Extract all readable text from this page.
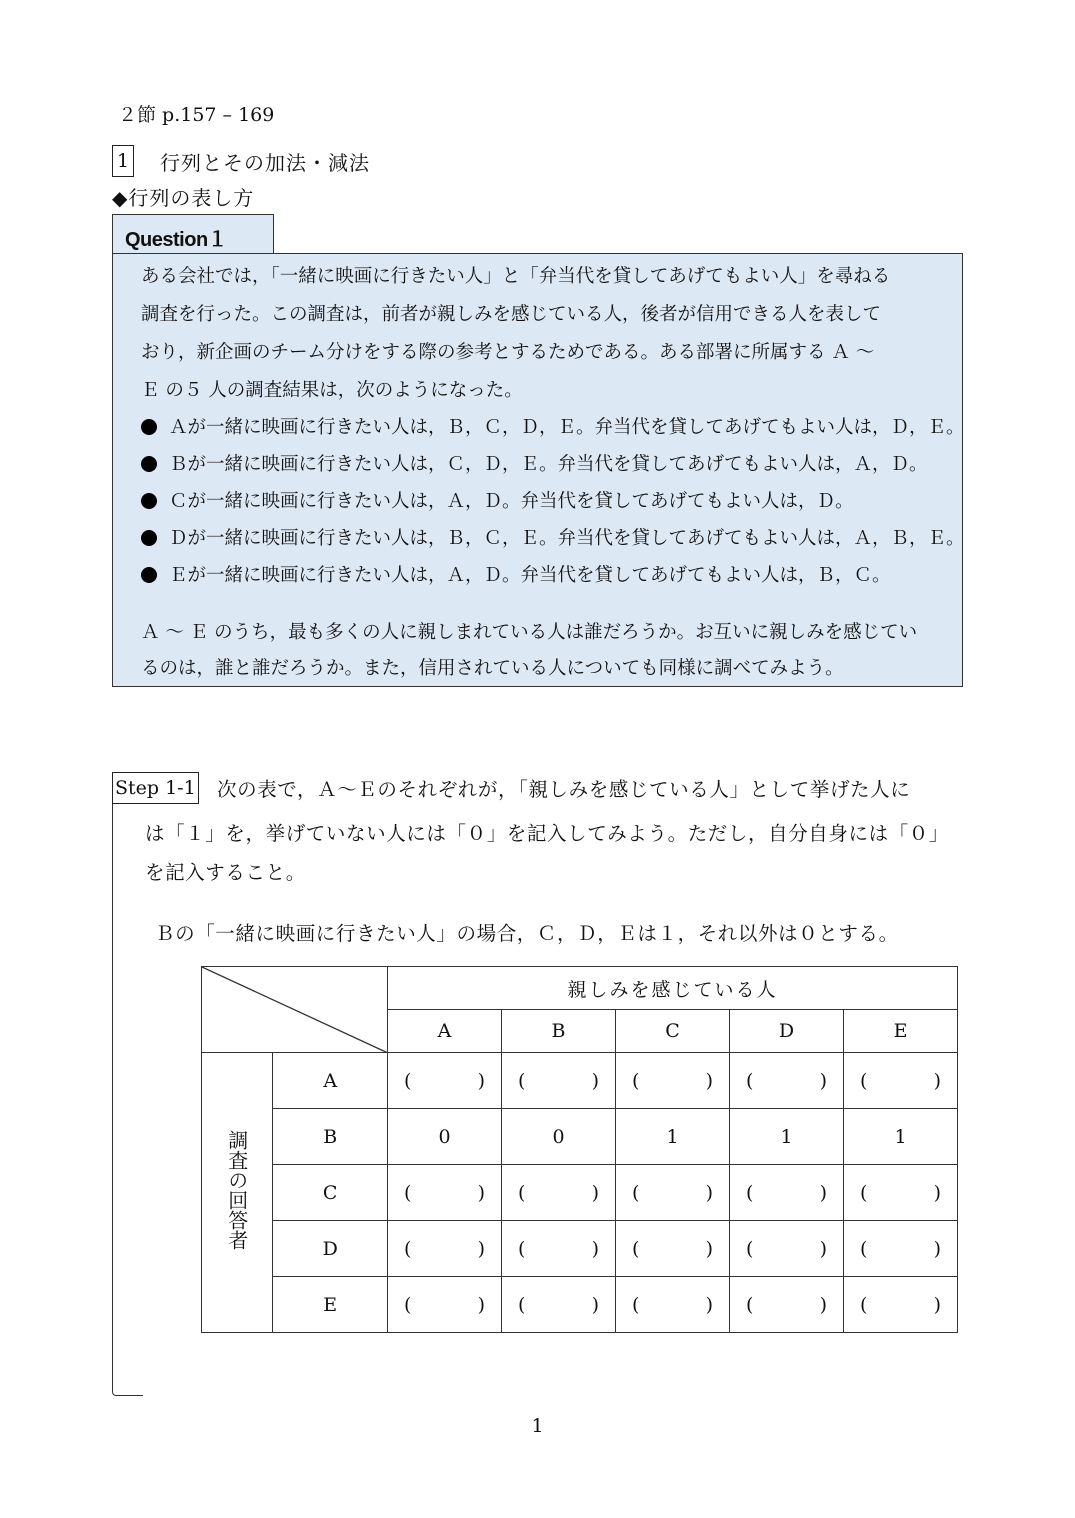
２節 p.157 – 169
1 行列とその加法・減法
◆行列の表し方
Question１
ある会社では，「一緒に映画に行きたい人」と「弁当代を貸してあげてもよい人」を尋ねる
調査を行った。この調査は，前者が親しみを感じている人，後者が信用できる人を表して
おり，新企画のチーム分けをする際の参考とするためである。ある部署に所属する Ａ ～
Ｅ の５ 人の調査結果は，次のようになった。
Ａが一緒に映画に行きたい人は，Ｂ，Ｃ，Ｄ，Ｅ。弁当代を貸してあげてもよい人は，Ｄ，Ｅ。
Ｂが一緒に映画に行きたい人は，Ｃ，Ｄ，Ｅ。弁当代を貸してあげてもよい人は，Ａ，Ｄ。
Ｃが一緒に映画に行きたい人は，Ａ，Ｄ。弁当代を貸してあげてもよい人は，Ｄ。
Ｄが一緒に映画に行きたい人は，Ｂ，Ｃ，Ｅ。弁当代を貸してあげてもよい人は，Ａ，Ｂ，Ｅ。
Ｅが一緒に映画に行きたい人は，Ａ，Ｄ。弁当代を貸してあげてもよい人は，Ｂ，Ｃ。
Ａ ～ Ｅ のうち，最も多くの人に親しまれている人は誰だろうか。お互いに親しみを感じてい
るのは，誰と誰だろうか。また，信用されている人についても同様に調べてみよう。
Step 1-1 次の表で，Ａ～Ｅのそれぞれが，「親しみを感じている人」として挙げた人に
は「１」を，挙げていない人には「０」を記入してみよう。ただし，自分自身には「０」
を記入すること。
Ｂの「一緒に映画に行きたい人」の場合，Ｃ，Ｄ，Ｅは１，それ以外は０とする。
	親しみを感じている人				
		A	B	C	D	E
調査の回答者	A	( )	( )	( )	( )	( )

	B	0	0	1	1	1
	C	( )	( )	( )	( )	( )

	D	( )	( )	( )	( )	( )

	E	( )	( )	( )	( )	( )
1
